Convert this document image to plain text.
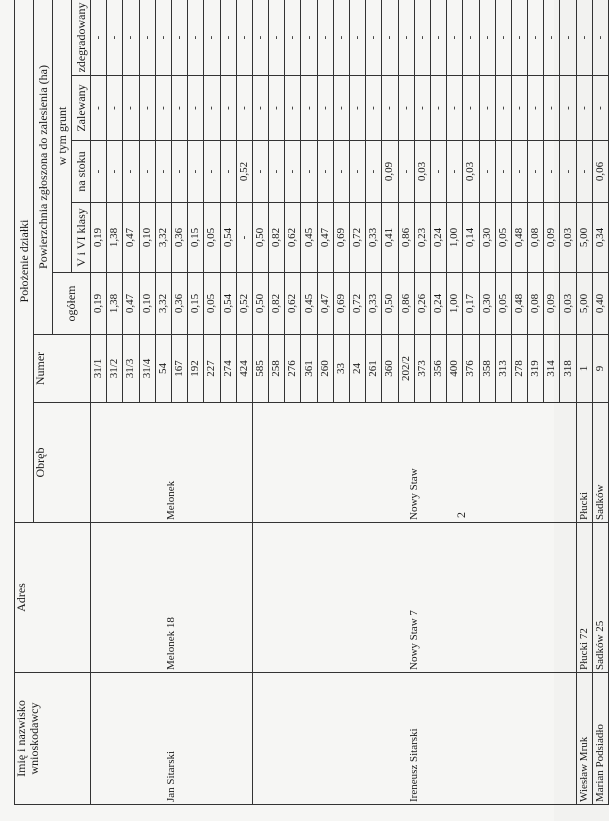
Imię i nazwisko wnioskodawcy	Adres	Położenie działki						
		Obręb	Numer	Powierzchnia zgłoszona do zalesienia (ha)				
				ogółem	w tym grunt			
					V i VI klasy	na stoku	Zalewany	zdegradowany
Jan Sitarski	Melonek 18	Melonek	31/1	0,19	0,19	-	-	-
			31/2	1,38	1,38	-	-	-
			31/3	0,47	0,47	-	-	-
			31/4	0,10	0,10	-	-	-
			54	3,32	3,32	-	-	-
			167	0,36	0,36	-	-	-
			192	0,15	0,15	-	-	-
			227	0,05	0,05	-	-	-
			274	0,54	0,54	-	-	-
			424	0,52	-	0,52	-	-
Ireneusz Sitarski	Nowy Staw 7	Nowy Staw	585	0,50	0,50	-	-	-
			258	0,82	0,82	-	-	-
			276	0,62	0,62	-	-	-
			361	0,45	0,45	-	-	-
			260	0,47	0,47	-	-	-
			33	0,69	0,69	-	-	-
			24	0,72	0,72	-	-	-
			261	0,33	0,33	-	-	-
			360	0,50	0,41	0,09	-	-
			202/2	0,86	0,86	-	-	-
			373	0,26	0,23	0,03	-	-
			356	0,24	0,24	-	-	-
			400	1,00	1,00	-	-	-
			376	0,17	0,14	0,03	-	-
			358	0,30	0,30	-	-	-
			313	0,05	0,05	-	-	-
			278	0,48	0,48	-	-	-
			319	0,08	0,08	-	-	-
			314	0,09	0,09	-	-	-
			318	0,03	0,03	-	-	-
Wiesław Mruk	Płucki 72	Płucki	1	5,00	5,00	-	-	-
Marian Podsiadło	Sadków 25	Sadków	9	0,40	0,34	0,06	-	-
2
